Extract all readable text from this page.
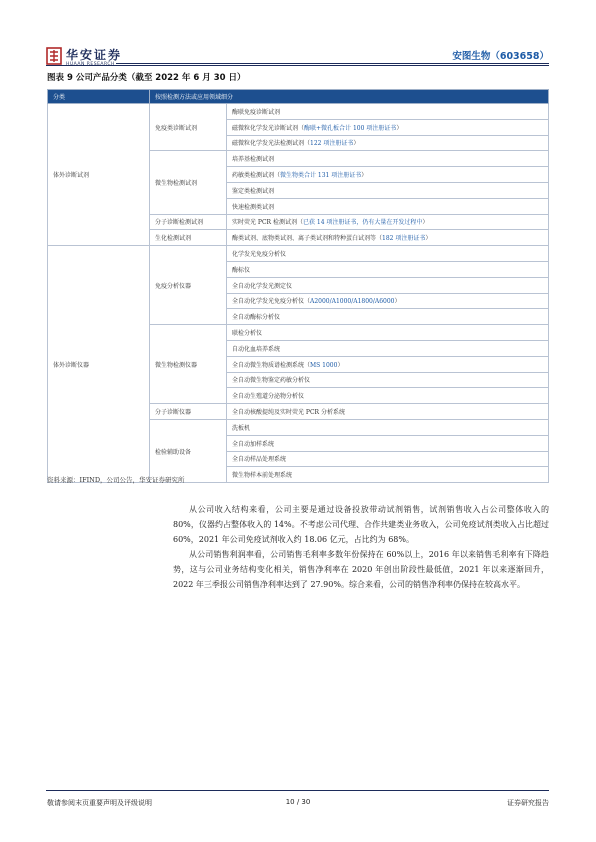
华安证券
HUAAN RESEARCH
安图生物（603658）
图表 9 公司产品分类（截至 2022 年 6 月 30 日）
分类	按照检测方法或应用领域细分	
体外诊断试剂	免疫类诊断试剂	酶联免疫诊断试剂
		磁微粒化学发光诊断试剂（酶联+微孔板合计 100 项注册证书）
		磁微粒化学发光法检测试剂（122 项注册证书）
	微生物检测试剂	培养基检测试剂
		药敏类检测试剂（微生物类合计 131 项注册证书）
		鉴定类检测试剂
		快速检测类试剂
	分子诊断检测试剂	实时荧光 PCR 检测试剂（已获 14 项注册证书，仍有大量在开发过程中）
	生化检测试剂	酶类试剂、底物类试剂、离子类试剂和特种蛋白试剂等（182 项注册证书）
体外诊断仪器	免疫分析仪器	化学发光免疫分析仪
		酶标仪
		全自动化学发光测定仪
		全自动化学发光免疫分析仪（A2000/A1000/A1800/A6000）
		全自动酶标分析仪
	微生物检测仪器	联检分析仪
		自动化血培养系统
		全自动微生物质谱检测系统（MS 1000）
		全自动微生物鉴定药敏分析仪
		全自动生殖道分泌物分析仪
	分子诊断仪器	全自动核酸提纯及实时荧光 PCR 分析系统
	检验辅助设备	洗板机
		全自动加样系统
		全自动样品处理系统
		微生物样本前处理系统
资料来源：IFIND，公司公告，华安证券研究所

从公司收入结构来看，公司主要是通过设备投放带动试剂销售，试剂销售收入占公司整体收入的 80%，仪器约占整体收入的 14%。不考虑公司代理、合作共建类业务收入，公司免疫试剂类收入占比超过 60%，2021 年公司免疫试剂收入约 18.06 亿元，占比约为 68%。

从公司销售利润率看，公司销售毛利率多数年份保持在 60%以上，2016 年以来销售毛利率有下降趋势，这与公司业务结构变化相关，销售净利率在 2020 年创出阶段性最低值，2021 年以来逐渐回升，2022 年三季报公司销售净利率达到了 27.90%。综合来看，公司的销售净利率仍保持在较高水平。

敬请参阅末页重要声明及评级说明	10 / 30	证券研究报告
